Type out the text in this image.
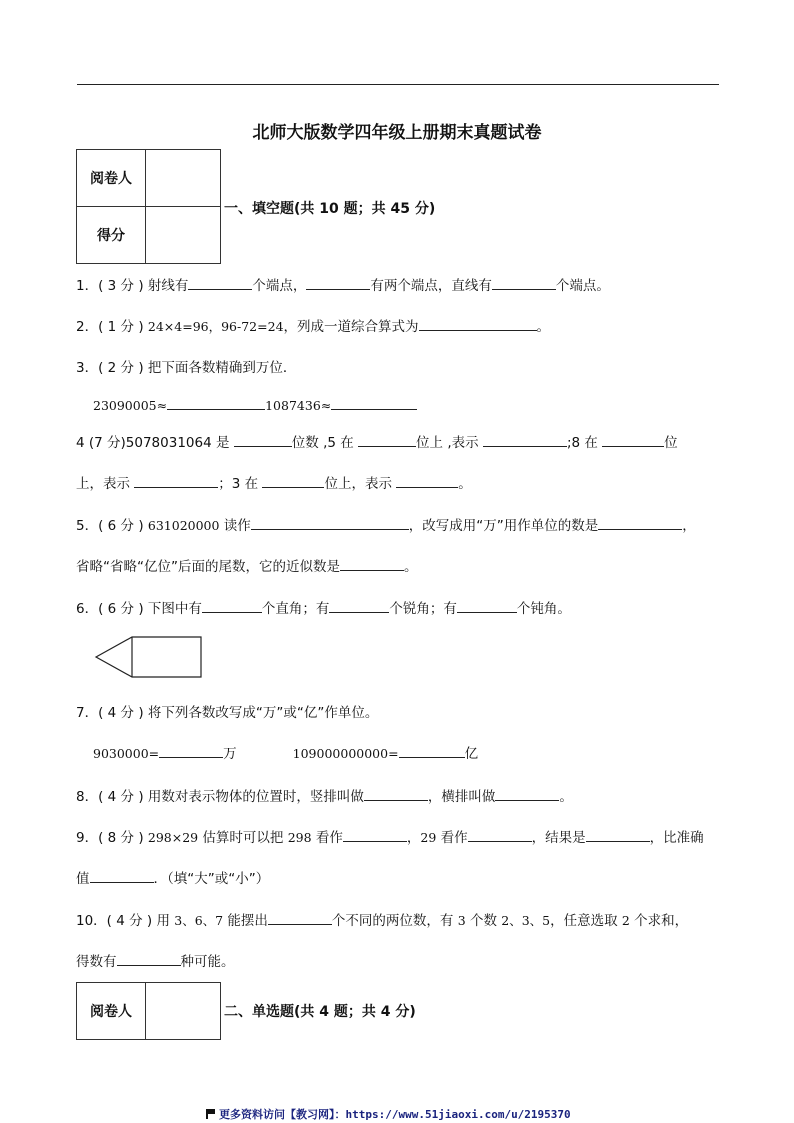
北师大版数学四年级上册期末真题试卷
阅卷人	
得分	
一、填空题(共 10 题；共 45 分)
1．( 3 分 ) 射线有	个端点，	有两个端点，直线有	个端点。
2．( 1 分 ) 24×4=96，96-72=24，列成一道综合算式为	。
3．( 2 分 ) 把下面各数精确到万位．
23090005≈	1087436≈
4 (7 分)5078031064 是	位数 ,5 在	位上 ,表示	;8 在	位
上，表示	；3 在	位上，表示	。
5．( 6 分 ) 631020000 读作	，改写成用“万”用作单位的数是	，
省略“省略“亿位”后面的尾数，它的近似数是	。
6．( 6 分 ) 下图中有	个直角；有	个锐角；有	个钝角。
7．( 4 分 ) 将下列各数改写成“万”或“亿”作单位。
9030000=	万	109000000000=	亿
8．( 4 分 ) 用数对表示物体的位置时，竖排叫做	，横排叫做	。
9．( 8 分 ) 298×29 估算时可以把 298 看作	，29 看作	，结果是	，比准确
值	．（填“大”或“小”）
10．( 4 分 ) 用 3、6、7 能摆出	个不同的两位数，有 3 个数 2、3、5，任意选取 2 个求和，
得数有	种可能。
阅卷人		二、单选题(共 4 题；共 4 分)
更多资料访问【教习网】：https://www.51jiaoxi.com/u/2195370
